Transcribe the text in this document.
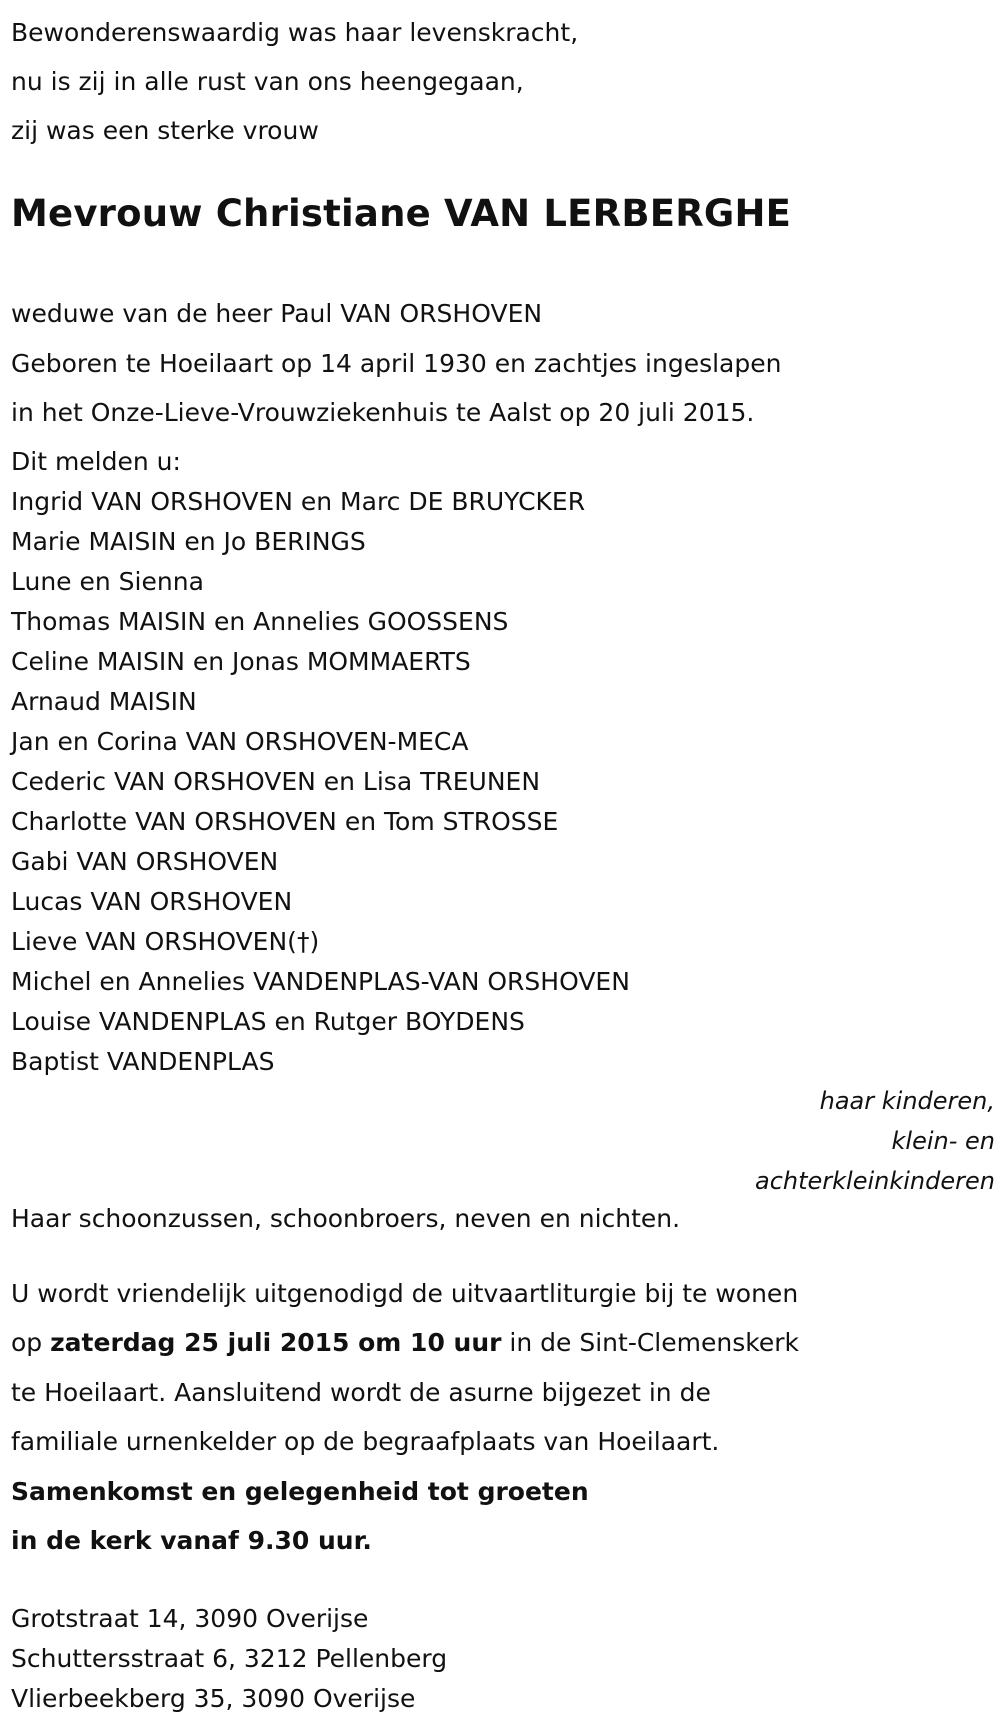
Bewonderenswaardig was haar levenskracht,

nu is zij in alle rust van ons heengegaan,

zij was een sterke vrouw

Mevrouw Christiane VAN LERBERGHE

weduwe van de heer Paul VAN ORSHOVEN

Geboren te Hoeilaart op 14 april 1930 en zachtjes ingeslapen

in het Onze-Lieve-Vrouwziekenhuis te Aalst op 20 juli 2015.

Dit melden u:

Ingrid VAN ORSHOVEN en Marc DE BRUYCKER

Marie MAISIN en Jo BERINGS

Lune en Sienna

Thomas MAISIN en Annelies GOOSSENS

Celine MAISIN en Jonas MOMMAERTS

Arnaud MAISIN

Jan en Corina VAN ORSHOVEN-MECA

Cederic VAN ORSHOVEN en Lisa TREUNEN

Charlotte VAN ORSHOVEN en Tom STROSSE

Gabi VAN ORSHOVEN

Lucas VAN ORSHOVEN

Lieve VAN ORSHOVEN(†)

Michel en Annelies VANDENPLAS-VAN ORSHOVEN

Louise VANDENPLAS en Rutger BOYDENS

Baptist VANDENPLAS

haar kinderen,

klein- en

achterkleinkinderen

Haar schoonzussen, schoonbroers, neven en nichten.

U wordt vriendelijk uitgenodigd de uitvaartliturgie bij te wonen

op zaterdag 25 juli 2015 om 10 uur in de Sint-Clemenskerk

te Hoeilaart. Aansluitend wordt de asurne bijgezet in de

familiale urnenkelder op de begraafplaats van Hoeilaart.

Samenkomst en gelegenheid tot groeten

in de kerk vanaf 9.30 uur.

Grotstraat 14, 3090 Overijse

Schuttersstraat 6, 3212 Pellenberg

Vlierbeekberg 35, 3090 Overijse
